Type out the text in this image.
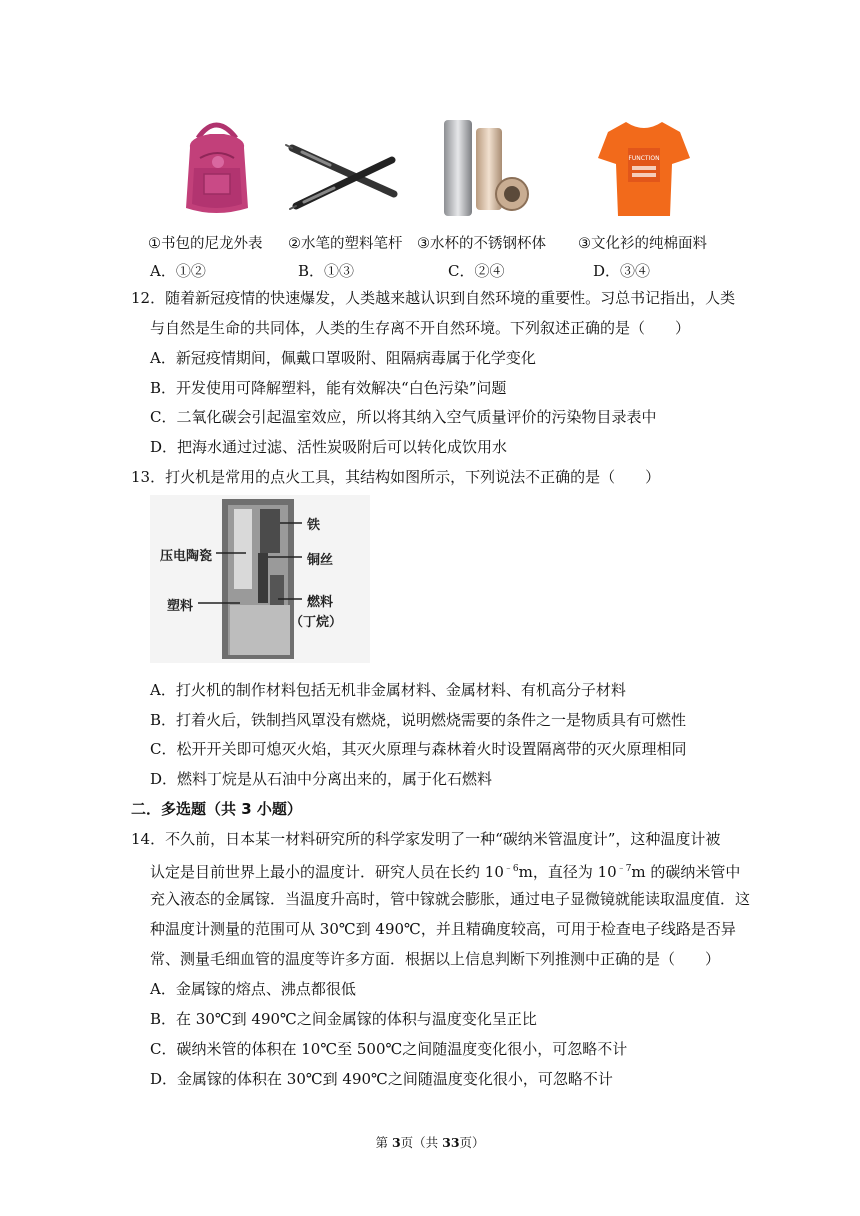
FUNCTION
①书包的尼龙外表 ②水笔的塑料笔杆 ③水杯的不锈钢杯体 ③文化衫的纯棉面料
A．①②	B．①③	C．②④	D．③④
12．随着新冠疫情的快速爆发，人类越来越认识到自然环境的重要性。习总书记指出，人类
与自然是生命的共同体，人类的生存离不开自然环境。下列叙述正确的是（　　）
A．新冠疫情期间，佩戴口罩吸附、阻隔病毒属于化学变化
B．开发使用可降解塑料，能有效解决“白色污染”问题
C．二氧化碳会引起温室效应，所以将其纳入空气质量评价的污染物目录表中
D．把海水通过过滤、活性炭吸附后可以转化成饮用水
13．打火机是常用的点火工具，其结构如图所示，下列说法不正确的是（　　）
铁
压电陶瓷	铜丝
塑料	燃料
（丁烷）
A．打火机的制作材料包括无机非金属材料、金属材料、有机高分子材料
B．打着火后，铁制挡风罩没有燃烧，说明燃烧需要的条件之一是物质具有可燃性
C．松开开关即可熄灭火焰，其灭火原理与森林着火时设置隔离带的灭火原理相同
D．燃料丁烷是从石油中分离出来的，属于化石燃料
二．多选题（共 3 小题）
14．不久前，日本某一材料研究所的科学家发明了一种“碳纳米管温度计”，这种温度计被
认定是目前世界上最小的温度计．研究人员在长约 $10^{﹣6}m$，直径为 $10^{﹣7}m$ 的碳纳米管中
充入液态的金属镓．当温度升高时，管中镓就会膨胀，通过电子显微镜就能读取温度值．这
种温度计测量的范围可从 30℃到 490℃，并且精确度较高，可用于检查电子线路是否异
常、测量毛细血管的温度等许多方面．根据以上信息判断下列推测中正确的是（　　）
A．金属镓的熔点、沸点都很低
B．在 30℃到 490℃之间金属镓的体积与温度变化呈正比
C．碳纳米管的体积在 10℃至 500℃之间随温度变化很小，可忽略不计
D．金属镓的体积在 30℃到 490℃之间随温度变化很小，可忽略不计
第 3页（共 33页）
